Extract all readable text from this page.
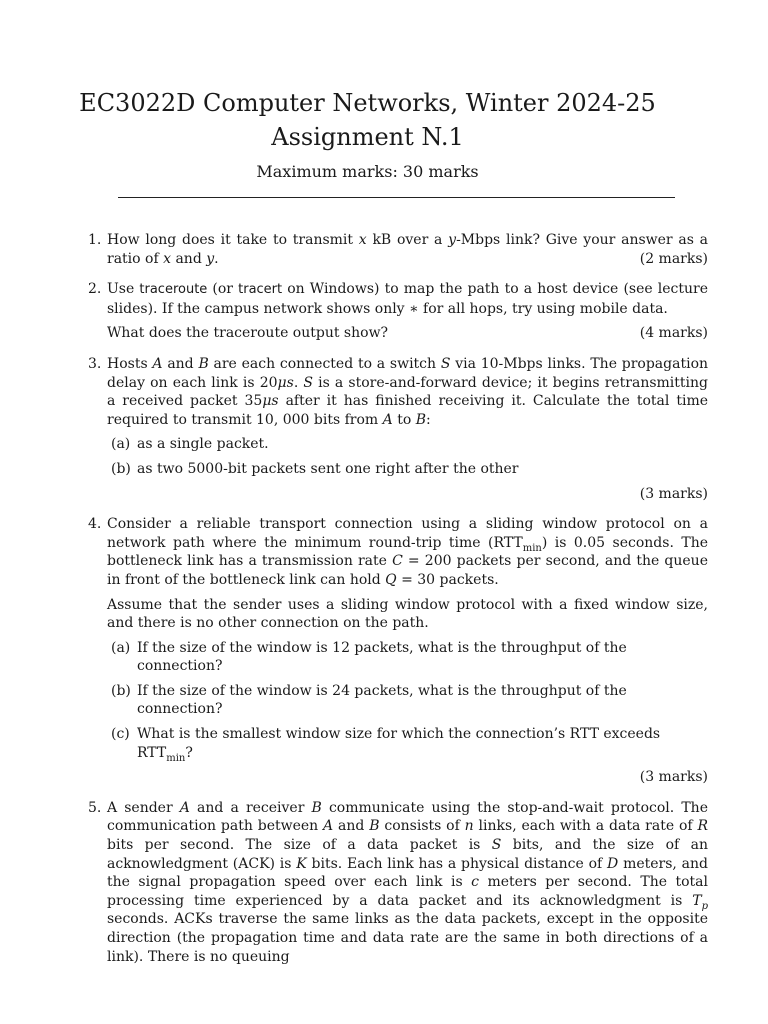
EC3022D Computer Networks, Winter 2024-25
Assignment N.1
Maximum marks: 30 marks
1. How long does it take to transmit x kB over a y-Mbps link? Give your answer as a ratio of x and y.	(2 marks)

2. Use traceroute (or tracert on Windows) to map the path to a host device (see lecture slides). If the campus network shows only ∗ for all hops, try using mobile data.

What does the traceroute output show?	(4 marks)

3. Hosts A and B are each connected to a switch S via 10-Mbps links. The propagation delay on each link is 20μs. S is a store-and-forward device; it begins retransmitting a received packet 35μs after it has finished receiving it. Calculate the total time required to transmit 10, 000 bits from A to B:

(a) as a single packet.
(b) as two 5000-bit packets sent one right after the other
(3 marks)
4. Consider a reliable transport connection using a sliding window protocol on a network path where the minimum round-trip time $(RTT_{min})$ is 0.05 seconds. The bottleneck link has a transmission rate C = 200 packets per second, and the queue in front of the bottleneck link can hold Q = 30 packets.

Assume that the sender uses a sliding window protocol with a fixed window size, and there is no other connection on the path.

(a) If the size of the window is 12 packets, what is the throughput of the connection?
(b) If the size of the window is 24 packets, what is the throughput of the connection?
(c) What is the smallest window size for which the connection’s RTT exceeds $RTT_{min}$?
(3 marks)
5. A sender A and a receiver B communicate using the stop-and-wait protocol. The communication path between A and B consists of n links, each with a data rate of R bits per second. The size of a data packet is S bits, and the size of an acknowledgment (ACK) is K bits. Each link has a physical distance of D meters, and the signal propagation speed over each link is c meters per second. The total processing time experienced by a data packet and its acknowledgment is $T_p$ seconds. ACKs traverse the same links as the data packets, except in the opposite direction (the propagation time and data rate are the same in both directions of a link). There is no queuing
